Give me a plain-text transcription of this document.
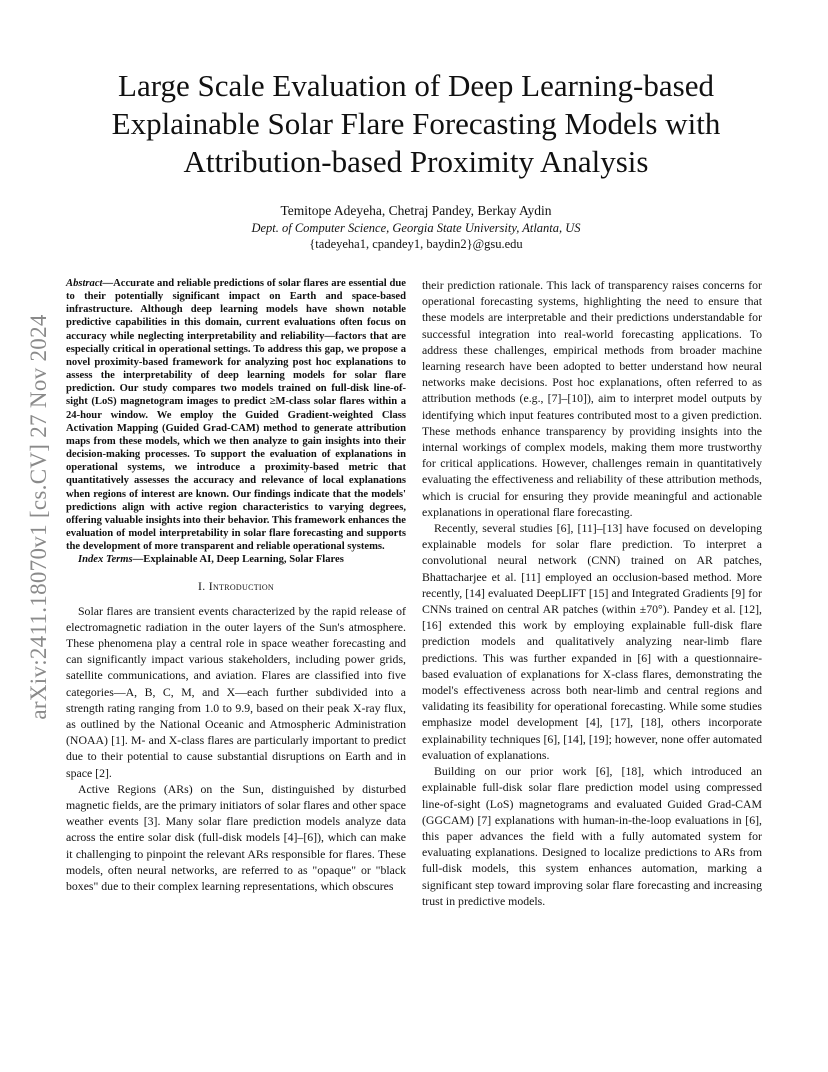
arXiv:2411.18070v1 [cs.CV] 27 Nov 2024
Large Scale Evaluation of Deep Learning-based
Explainable Solar Flare Forecasting Models with
Attribution-based Proximity Analysis
Temitope Adeyeha, Chetraj Pandey, Berkay Aydin
Dept. of Computer Science, Georgia State University, Atlanta, US
{tadeyeha1, cpandey1, baydin2}@gsu.edu

Abstract—Accurate and reliable predictions of solar flares are essential due to their potentially significant impact on Earth and space-based infrastructure. Although deep learning models have shown notable predictive capabilities in this domain, current evaluations often focus on accuracy while neglecting interpretability and reliability—factors that are especially critical in operational settings. To address this gap, we propose a novel proximity-based framework for analyzing post hoc explanations to assess the interpretability of deep learning models for solar flare prediction. Our study compares two models trained on full-disk line-of-sight (LoS) magnetogram images to predict ≥M-class solar flares within a 24-hour window. We employ the Guided Gradient-weighted Class Activation Mapping (Guided Grad-CAM) method to generate attribution maps from these models, which we then analyze to gain insights into their decision-making processes. To support the evaluation of explanations in operational systems, we introduce a proximity-based metric that quantitatively assesses the accuracy and relevance of local explanations when regions of interest are known. Our findings indicate that the models' predictions align with active region characteristics to varying degrees, offering valuable insights into their behavior. This framework enhances the evaluation of model interpretability in solar flare forecasting and supports the development of more transparent and reliable operational systems.

Index Terms—Explainable AI, Deep Learning, Solar Flares

I. Introduction

Solar flares are transient events characterized by the rapid release of electromagnetic radiation in the outer layers of the Sun's atmosphere. These phenomena play a central role in space weather forecasting and can significantly impact various stakeholders, including power grids, satellite communications, and aviation. Flares are classified into five categories—A, B, C, M, and X—each further subdivided into a strength rating ranging from 1.0 to 9.9, based on their peak X-ray flux, as outlined by the National Oceanic and Atmospheric Administration (NOAA) [1]. M- and X-class flares are particularly important to predict due to their potential to cause substantial disruptions on Earth and in space [2].

Active Regions (ARs) on the Sun, distinguished by disturbed magnetic fields, are the primary initiators of solar flares and other space weather events [3]. Many solar flare prediction models analyze data across the entire solar disk (full-disk models [4]–[6]), which can make it challenging to pinpoint the relevant ARs responsible for flares. These models, often neural networks, are referred to as "opaque" or "black boxes" due to their complex learning representations, which obscures

their prediction rationale. This lack of transparency raises concerns for operational forecasting systems, highlighting the need to ensure that these models are interpretable and their predictions understandable for successful integration into real-world forecasting applications. To address these challenges, empirical methods from broader machine learning research have been adopted to better understand how neural networks make decisions. Post hoc explanations, often referred to as attribution methods (e.g., [7]–[10]), aim to interpret model outputs by identifying which input features contributed most to a given prediction. These methods enhance transparency by providing insights into the internal workings of complex models, making them more trustworthy for critical applications. However, challenges remain in quantitatively evaluating the effectiveness and reliability of these attribution methods, which is crucial for ensuring they provide meaningful and actionable explanations in operational flare forecasting.

Recently, several studies [6], [11]–[13] have focused on developing explainable models for solar flare prediction. To interpret a convolutional neural network (CNN) trained on AR patches, Bhattacharjee et al. [11] employed an occlusion-based method. More recently, [14] evaluated DeepLIFT [15] and Integrated Gradients [9] for CNNs trained on central AR patches (within ±70°). Pandey et al. [12], [16] extended this work by employing explainable full-disk flare prediction models and qualitatively analyzing near-limb flare predictions. This was further expanded in [6] with a questionnaire-based evaluation of explanations for X-class flares, demonstrating the model's effectiveness across both near-limb and central regions and validating its feasibility for operational forecasting. While some studies emphasize model development [4], [17], [18], others incorporate explainability techniques [6], [14], [19]; however, none offer automated evaluation of explanations.

Building on our prior work [6], [18], which introduced an explainable full-disk solar flare prediction model using compressed line-of-sight (LoS) magnetograms and evaluated Guided Grad-CAM (GGCAM) [7] explanations with human-in-the-loop evaluations in [6], this paper advances the field with a fully automated system for evaluating explanations. Designed to localize predictions to ARs from full-disk models, this system enhances automation, marking a significant step toward improving solar flare forecasting and increasing trust in predictive models.
